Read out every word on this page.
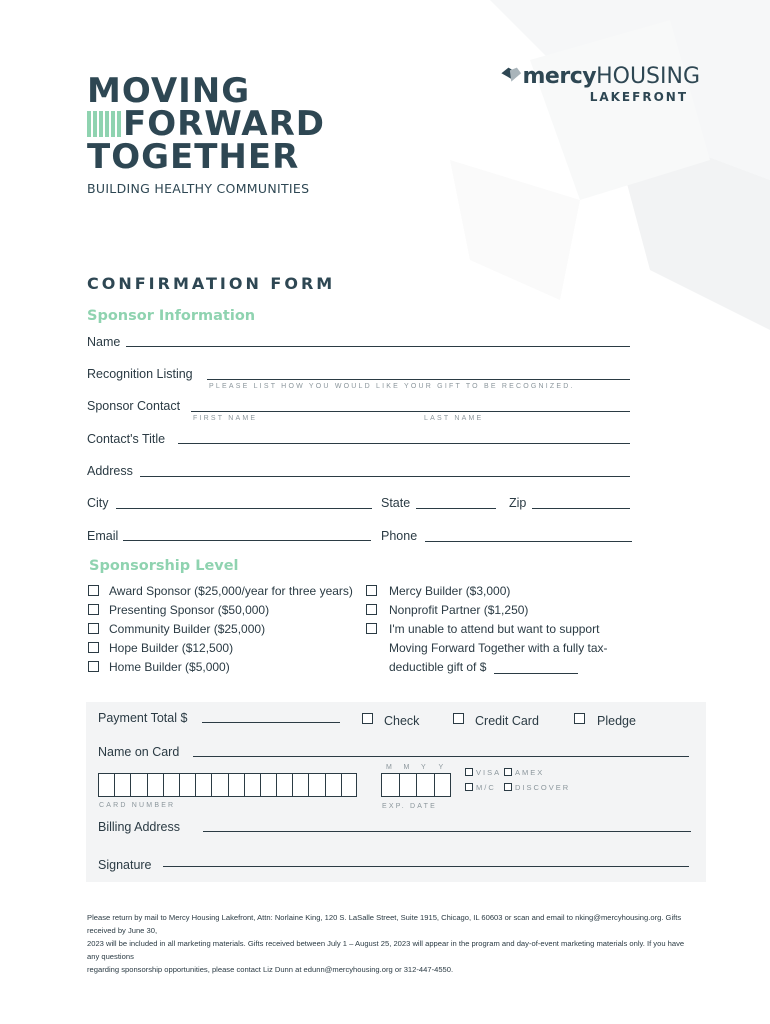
MOVING
FORWARD
TOGETHER
BUILDING HEALTHY COMMUNITIES
mercyHOUSING
LAKEFRONT
CONFIRMATION FORM
Sponsor Information
Name
Recognition Listing
PLEASE LIST HOW YOU WOULD LIKE YOUR GIFT TO BE RECOGNIZED.
Sponsor Contact
FIRST NAME	LAST NAME
Contact's Title
Address
City	State	Zip
Email	Phone
Sponsorship Level
Award Sponsor ($25,000/year for three years)
Presenting Sponsor ($50,000)
Community Builder ($25,000)
Hope Builder ($12,500)
Home Builder ($5,000)
Mercy Builder ($3,000)
Nonprofit Partner ($1,250)
I'm unable to attend but want to support
Moving Forward Together with a fully tax-
deductible gift of $
Payment Total $	Check	Credit Card	Pledge
Name on Card
CARD NUMBER
M M Y Y
EXP. DATE
VISA AMEX
M/C	DISCOVER
Billing Address
Signature
Please return by mail to Mercy Housing Lakefront, Attn: Norlaine King, 120 S. LaSalle Street, Suite 1915, Chicago, IL 60603 or scan and email to nking@mercyhousing.org. Gifts received by June 30,
2023 will be included in all marketing materials. Gifts received between July 1 – August 25, 2023 will appear in the program and day-of-event marketing materials only. If you have any questions
regarding sponsorship opportunities, please contact Liz Dunn at edunn@mercyhousing.org or 312-447-4550.
